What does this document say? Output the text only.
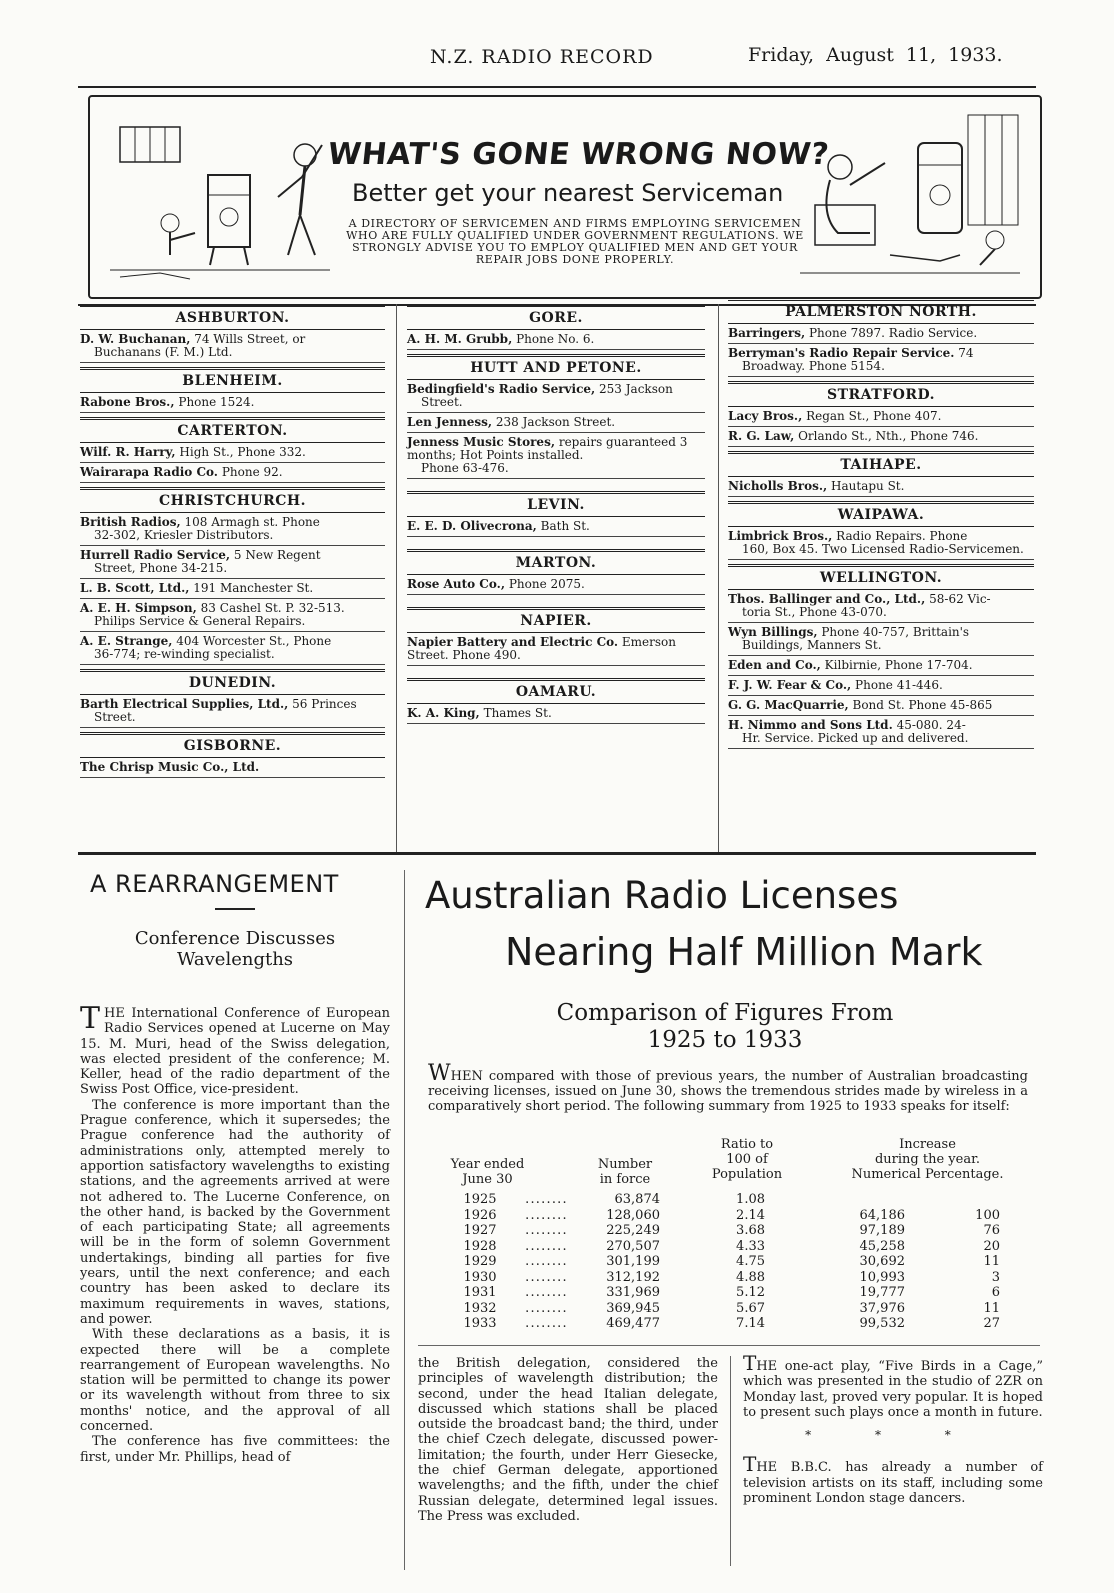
N.Z. RADIO RECORD	Friday, August 11, 1933.
WHAT'S GONE WRONG NOW?
Better get your nearest Serviceman
A DIRECTORY OF SERVICEMEN AND FIRMS EMPLOYING SERVICEMEN WHO ARE FULLY QUALIFIED UNDER GOVERNMENT REGULATIONS. WE STRONGLY ADVISE YOU TO EMPLOY QUALIFIED MEN AND GET YOUR REPAIR JOBS DONE PROPERLY.
ASHBURTON.
D. W. Buchanan, 74 Wills Street, or
Buchanans (F. M.) Ltd.
BLENHEIM.
Rabone Bros., Phone 1524.
CARTERTON.
Wilf. R. Harry, High St., Phone 332.
Wairarapa Radio Co. Phone 92.
CHRISTCHURCH.
British Radios, 108 Armagh st. Phone
32-302, Kriesler Distributors.
Hurrell Radio Service, 5 New Regent
Street, Phone 34-215.
L. B. Scott, Ltd., 191 Manchester St.
A. E. H. Simpson, 83 Cashel St. P. 32-513.
Philips Service & General Repairs.
A. E. Strange, 404 Worcester St., Phone
36-774; re-winding specialist.
DUNEDIN.
Barth Electrical Supplies, Ltd., 56 Princes
Street.
GISBORNE.
The Chrisp Music Co., Ltd.
GORE.
A. H. M. Grubb, Phone No. 6.
HUTT AND PETONE.
Bedingfield's Radio Service, 253 Jackson
Street.
Len Jenness, 238 Jackson Street.
Jenness Music Stores, repairs guaranteed 3 months; Hot Points installed.
Phone 63-476.
LEVIN.
E. E. D. Olivecrona, Bath St.
MARTON.
Rose Auto Co., Phone 2075.
NAPIER.
Napier Battery and Electric Co. Emerson Street. Phone 490.
OAMARU.
K. A. King, Thames St.
PALMERSTON NORTH.
Barringers, Phone 7897. Radio Service.
Berryman's Radio Repair Service. 74
Broadway. Phone 5154.
STRATFORD.
Lacy Bros., Regan St., Phone 407.
R. G. Law, Orlando St., Nth., Phone 746.
TAIHAPE.
Nicholls Bros., Hautapu St.
WAIPAWA.
Limbrick Bros., Radio Repairs. Phone
160, Box 45. Two Licensed Radio-Servicemen.
WELLINGTON.
Thos. Ballinger and Co., Ltd., 58-62 Vic-
toria St., Phone 43-070.
Wyn Billings, Phone 40-757, Brittain's
Buildings, Manners St.
Eden and Co., Kilbirnie, Phone 17-704.
F. J. W. Fear & Co., Phone 41-446.
G. G. MacQuarrie, Bond St. Phone 45-865
H. Nimmo and Sons Ltd. 45-080. 24-
Hr. Service. Picked up and delivered.
A REARRANGEMENT
Conference Discusses
Wavelengths

THE International Conference of European Radio Services opened at Lucerne on May 15. M. Muri, head of the Swiss delegation, was elected president of the conference; M. Keller, head of the radio department of the Swiss Post Office, vice-president.

The conference is more important than the Prague conference, which it supersedes; the Prague conference had the authority of administrations only, attempted merely to apportion satisfactory wavelengths to existing stations, and the agreements arrived at were not adhered to. The Lucerne Conference, on the other hand, is backed by the Government of each participating State; all agreements will be in the form of solemn Government undertakings, binding all parties for five years, until the next conference; and each country has been asked to declare its maximum requirements in waves, stations, and power.

With these declarations as a basis, it is expected there will be a complete rearrangement of European wavelengths. No station will be permitted to change its power or its wavelength without from three to six months' notice, and the approval of all concerned.

The conference has five committees: the first, under Mr. Phillips, head of

Australian Radio Licenses
Nearing Half Million Mark
Comparison of Figures From
1925 to 1933
WHEN compared with those of previous years, the number of Australian broadcasting receiving licenses, issued on June 30, shows the tremendous strides made by wireless in a comparatively short period. The following summary from 1925 to 1933 speaks for itself:
Year ended
June 30
Number
in force
Ratio to
100 of
Population
Increase
during the year.
Numerical Percentage.
1925	․․․․․․․․	63,874	1.08
1926	․․․․․․․․	128,060	2.14	64,186	100
1927	․․․․․․․․	225,249	3.68	97,189	76
1928	․․․․․․․․	270,507	4.33	45,258	20
1929	․․․․․․․․	301,199	4.75	30,692	11
1930	․․․․․․․․	312,192	4.88	10,993	3
1931	․․․․․․․․	331,969	5.12	19,777	6
1932	․․․․․․․․	369,945	5.67	37,976	11
1933	․․․․․․․․	469,477	7.14	99,532	27
the British delegation, considered the principles of wavelength distribution; the second, under the head Italian delegate, discussed which stations shall be placed outside the broadcast band; the third, under the chief Czech delegate, discussed power-limitation; the fourth, under Herr Giesecke, the chief German delegate, apportioned wavelengths; and the fifth, under the chief Russian delegate, determined legal issues. The Press was excluded.

THE one-act play, “Five Birds in a Cage,” which was presented in the studio of 2ZR on Monday last, proved very popular. It is hoped to present such plays once a month in future.

* * *

THE B.B.C. has already a number of television artists on its staff, including some prominent London stage dancers.
